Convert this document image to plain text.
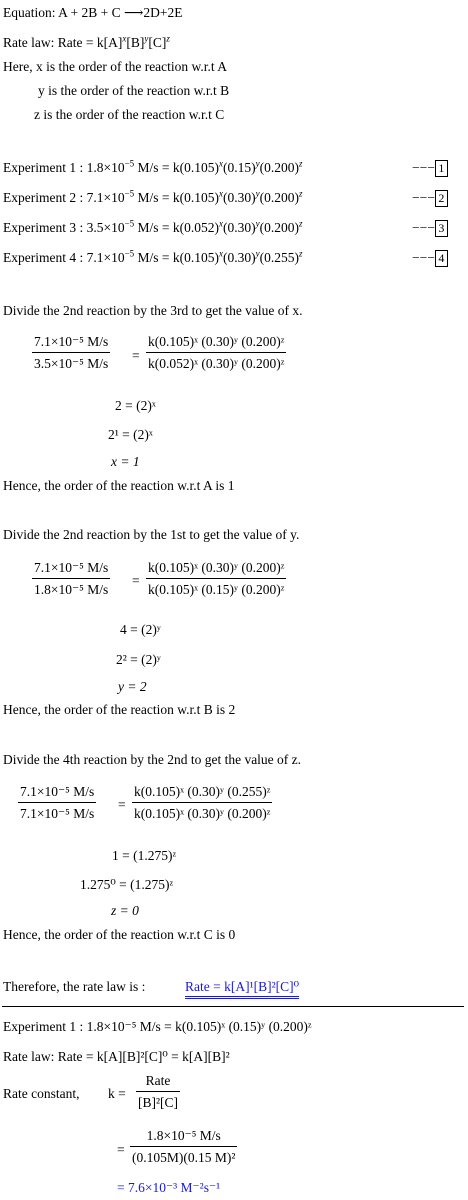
Equation: A + 2B + C ⟶2D+2E
Rate law: Rate = $k[A]^x[B]^y[C]^z$
Here, x is the order of the reaction w.r.t A
y is the order of the reaction w.r.t B
z is the order of the reaction w.r.t C
Experiment 1 : $1.8\times 10^{-5}$ $M/s = k(0.105)^x(0.15)^y(0.200)^z$	−−− 1
Experiment 2 : $7.1\times 10^{-5}$ $M/s = k(0.105)^x(0.30)^y(0.200)^z$	−−− 2
Experiment 3 : $3.5\times 10^{-5}$ $M/s = k(0.052)^x(0.30)^y(0.200)^z$	−−− 3
Experiment 4 : $7.1\times 10^{-5}$ $M/s = k(0.105)^x(0.30)^y(0.255)^z$	−−− 4
Divide the 2nd reaction by the 3rd to get the value of x.
7.1×10⁻⁵ M/s
3.5×10⁻⁵ M/s
=
k(0.105)ˣ (0.30)ʸ (0.200)ᶻ
k(0.052)ˣ (0.30)ʸ (0.200)ᶻ
2 = (2)ˣ
2¹ = (2)ˣ
x = 1
Hence, the order of the reaction w.r.t A is 1
Divide the 2nd reaction by the 1st to get the value of y.
7.1×10⁻⁵ M/s
1.8×10⁻⁵ M/s
=
k(0.105)ˣ (0.30)ʸ (0.200)ᶻ
k(0.105)ˣ (0.15)ʸ (0.200)ᶻ
4 = (2)ʸ
2² = (2)ʸ
y = 2
Hence, the order of the reaction w.r.t B is 2
Divide the 4th reaction by the 2nd to get the value of z.
7.1×10⁻⁵ M/s
7.1×10⁻⁵ M/s
=
k(0.105)ˣ (0.30)ʸ (0.255)ᶻ
k(0.105)ˣ (0.30)ʸ (0.200)ᶻ
1 = (1.275)ᶻ
1.275⁰ = (1.275)ᶻ
z = 0
Hence, the order of the reaction w.r.t C is 0
Therefore, the rate law is :	Rate = k[A]¹[B]²[C]⁰
Experiment 1 : 1.8×10⁻⁵ M/s = k(0.105)ˣ (0.15)ʸ (0.200)ᶻ
Rate law: Rate = k[A][B]²[C]⁰ = k[A][B]²
Rate constant, k =
Rate
[B]²[C]
=
1.8×10⁻⁵ M/s
(0.105M)(0.15 M)²
= 7.6×10⁻³ M⁻²s⁻¹
